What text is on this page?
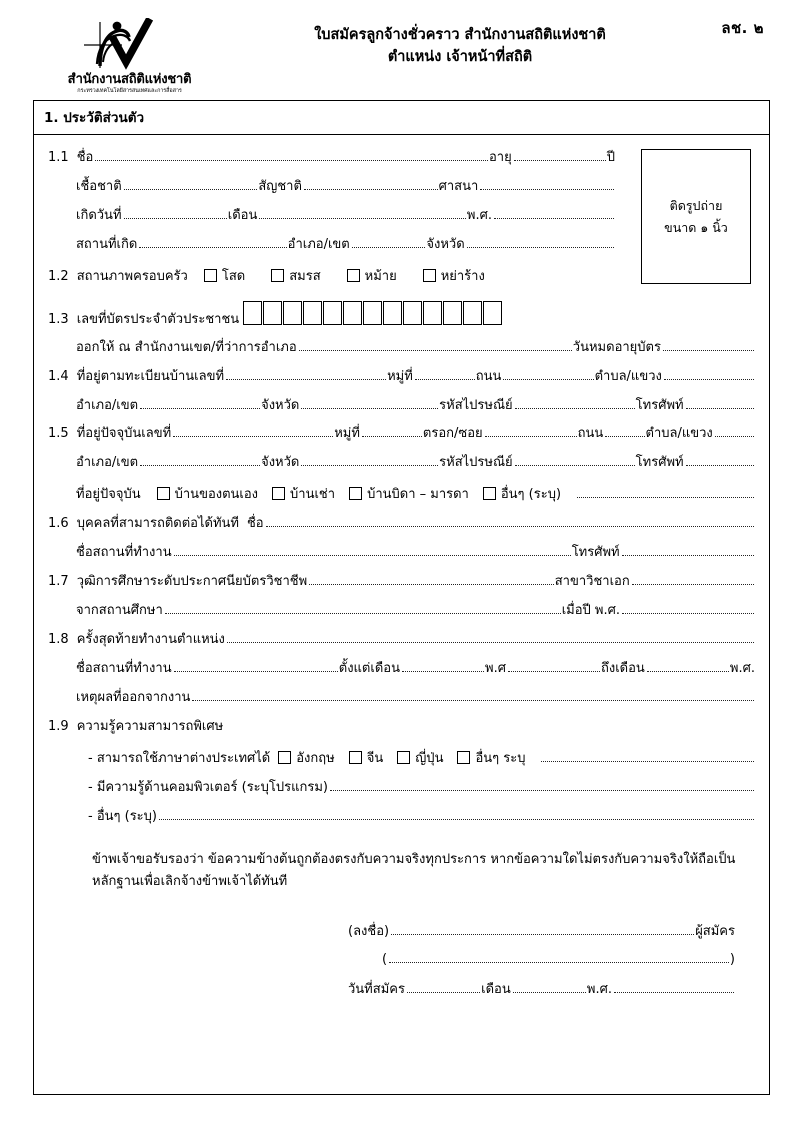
ลช. ๒
สำนักงานสถิติแห่งชาติ
กระทรวงเทคโนโลยีสารสนเทศและการสื่อสาร
ใบสมัครลูกจ้างชั่วคราว สำนักงานสถิติแห่งชาติ
ตำแหน่ง เจ้าหน้าที่สถิติ
1. ประวัติส่วนตัว
ติดรูปถ่าย
ขนาด ๑ นิ้ว
1.1 ชื่อ	อายุ	ปี
เชื้อชาติ	สัญชาติ	ศาสนา
เกิดวันที่	เดือน	พ.ศ.
สถานที่เกิด	อำเภอ/เขต	จังหวัด
1.2 สถานภาพครอบครัว	โสด	สมรส	หม้าย	หย่าร้าง
1.3 เลขที่บัตรประจำตัวประชาชน
ออกให้ ณ สำนักงานเขต/ที่ว่าการอำเภอ	วันหมดอายุบัตร
1.4 ที่อยู่ตามทะเบียนบ้านเลขที่	หมู่ที่	ถนน	ตำบล/แขวง
อำเภอ/เขต	จังหวัด	รหัสไปรษณีย์	โทรศัพท์
1.5 ที่อยู่ปัจจุบันเลขที่	หมู่ที่	ตรอก/ซอย	ถนน	ตำบล/แขวง
อำเภอ/เขต	จังหวัด	รหัสไปรษณีย์	โทรศัพท์
ที่อยู่ปัจจุบัน	บ้านของตนเอง บ้านเช่า บ้านบิดา – มารดา อื่นๆ (ระบุ)
1.6 บุคคลที่สามารถติดต่อได้ทันที ชื่อ
ชื่อสถานที่ทำงาน	โทรศัพท์
1.7 วุฒิการศึกษาระดับประกาศนียบัตรวิชาชีพ	สาขาวิชาเอก
จากสถานศึกษา	เมื่อปี พ.ศ.
1.8 ครั้งสุดท้ายทำงานตำแหน่ง
ชื่อสถานที่ทำงาน	ตั้งแต่เดือน	พ.ศ	ถึงเดือน	พ.ศ.
เหตุผลที่ออกจากงาน
1.9 ความรู้ความสามารถพิเศษ
- สามารถใช้ภาษาต่างประเทศได้ อังกฤษ จีน ญี่ปุ่น อื่นๆ ระบุ
- มีความรู้ด้านคอมพิวเตอร์ (ระบุโปรแกรม)
- อื่นๆ (ระบุ)
ข้าพเจ้าขอรับรองว่า ข้อความข้างต้นถูกต้องตรงกับความจริงทุกประการ หากข้อความใดไม่ตรงกับความจริงให้ถือเป็นหลักฐานเพื่อเลิกจ้างข้าพเจ้าได้ทันที
(ลงชื่อ)	ผู้สมัคร
(	)
วันที่สมัคร	เดือน	พ.ศ.
